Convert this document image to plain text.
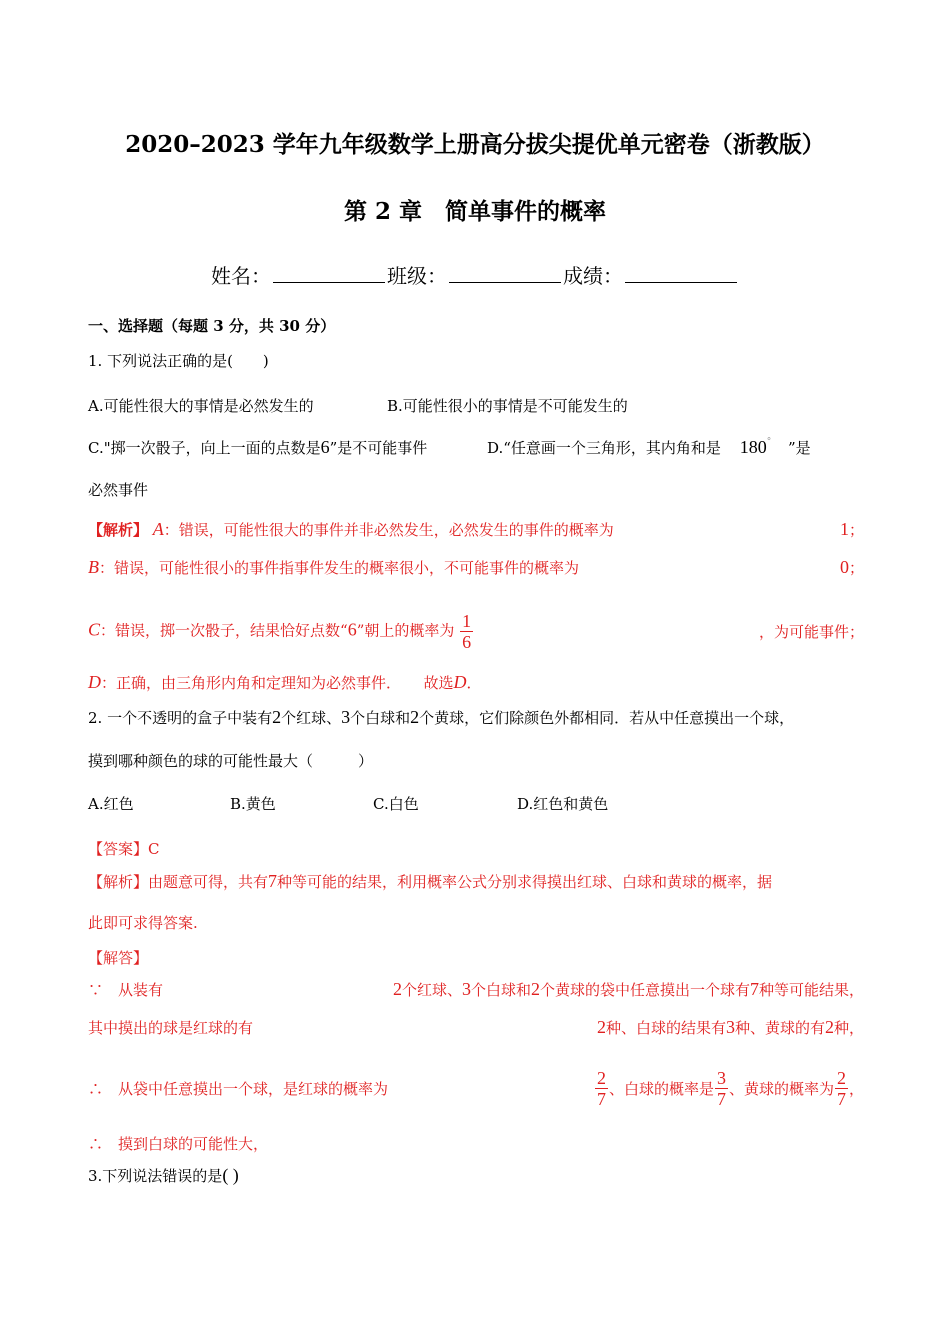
2020–2023 学年九年级数学上册高分拔尖提优单元密卷（浙教版）
第 2 章　简单事件的概率
姓名：	班级：	成绩：
一、选择题（每题 3 分，共 30 分）
1. 下列说法正确的是(　　)
A.可能性很大的事情是必然发生的	B.可能性很小的事情是不可能发生的
C."掷一次骰子，向上一面的点数是6”是不可能事件	D.“任意画一个三角形，其内角和是 180° ”是
必然事件
【解析】 A：错误，可能性很大的事件并非必然发生，必然发生的事件的概率为	1；
B：错误，可能性很小的事件指事件发生的概率很小，不可能事件的概率为	0；
C：错误，掷一次骰子，结果恰好点数“6”朝上的概率为 $\frac{1}{6}$	，为可能事件；
D：正确，由三角形内角和定理知为必然事件．　　故选D．
2. 一个不透明的盒子中装有2个红球、3个白球和2个黄球，它们除颜色外都相同．若从中任意摸出一个球，
摸到哪种颜色的球的可能性最大（　　　）
A.红色	B.黄色	C.白色	D.红色和黄色
【答案】C
【解析】由题意可得，共有7种等可能的结果，利用概率公式分别求得摸出红球、白球和黄球的概率，据
此即可求得答案.
【解答】
∵　从装有	2个红球、3个白球和2个黄球的袋中任意摸出一个球有7种等可能结果，
其中摸出的球是红球的有	2种、白球的结果有3种、黄球的有2种，
∴　从袋中任意摸出一个球，是红球的概率为	$\frac{2}{7}$ 、白球的概率是 $\frac{3}{7}$ 、黄球的概率为 $\frac{2}{7}$ ，
∴　摸到白球的可能性大，
3.下列说法错误的是( )
